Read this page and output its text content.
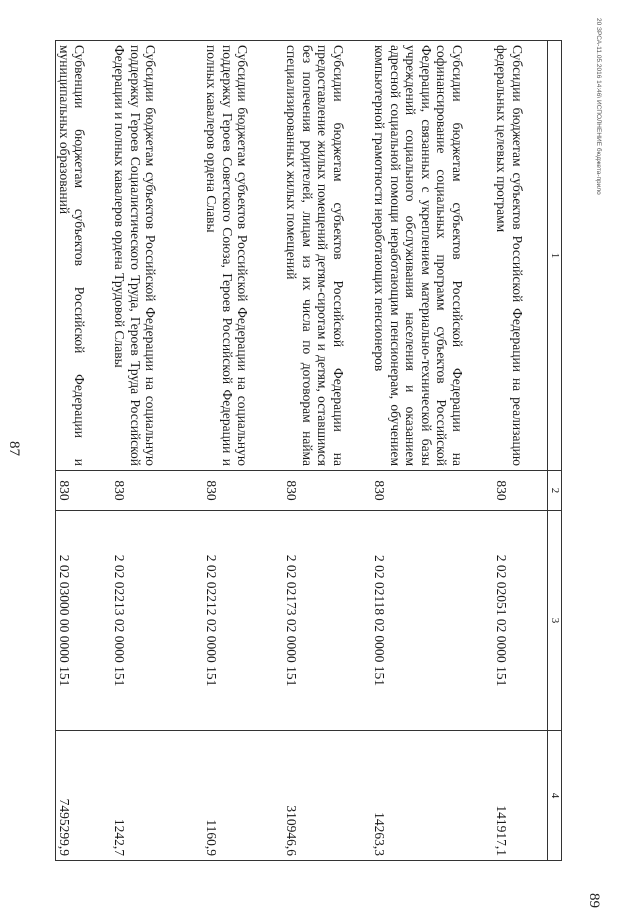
87
20 ЗРСА-11.05.2016 14:46\ ИСПОЛНЕНИЕ бюджета-прило
89
1	2	3	4
Субсидии бюджетам субъектов Российской Федерации на реализацию федеральных целевых программ	830	2 02 02051 02 0000 151	141917,1
Субсидии бюджетам субъектов Российской Федерации на софинансирование социальных программ субъектов Российской Федерации, связанных с укреплением материально-технической базы учреждений социального обслуживания населения и оказанием адресной социальной помощи неработающим пенсионерам, обучением компьютерной грамотности неработающих пенсионеров	830	2 02 02118 02 0000 151	14263,3
Субсидии бюджетам субъектов Российской Федерации на предоставление жилых помещений детям-сиротам и детям, оставшимся без попечения родителей, лицам из их числа по договорам найма специализированных жилых помещений	830	2 02 02173 02 0000 151	310946,6
Субсидии бюджетам субъектов Российской Федерации на социальную поддержку Героев Советского Союза, Героев Российской Федерации и полных кавалеров ордена Славы	830	2 02 02212 02 0000 151	1160,9
Субсидии бюджетам субъектов Российской Федерации на социальную поддержку Героев Социалистического Труда, Героев Труда Российской Федерации и полных кавалеров ордена Трудовой Славы	830	2 02 02213 02 0000 151	1242,7
Субвенции бюджетам субъектов Российской Федерации и муниципальных образований	830	2 02 03000 00 0000 151	7495299,9
